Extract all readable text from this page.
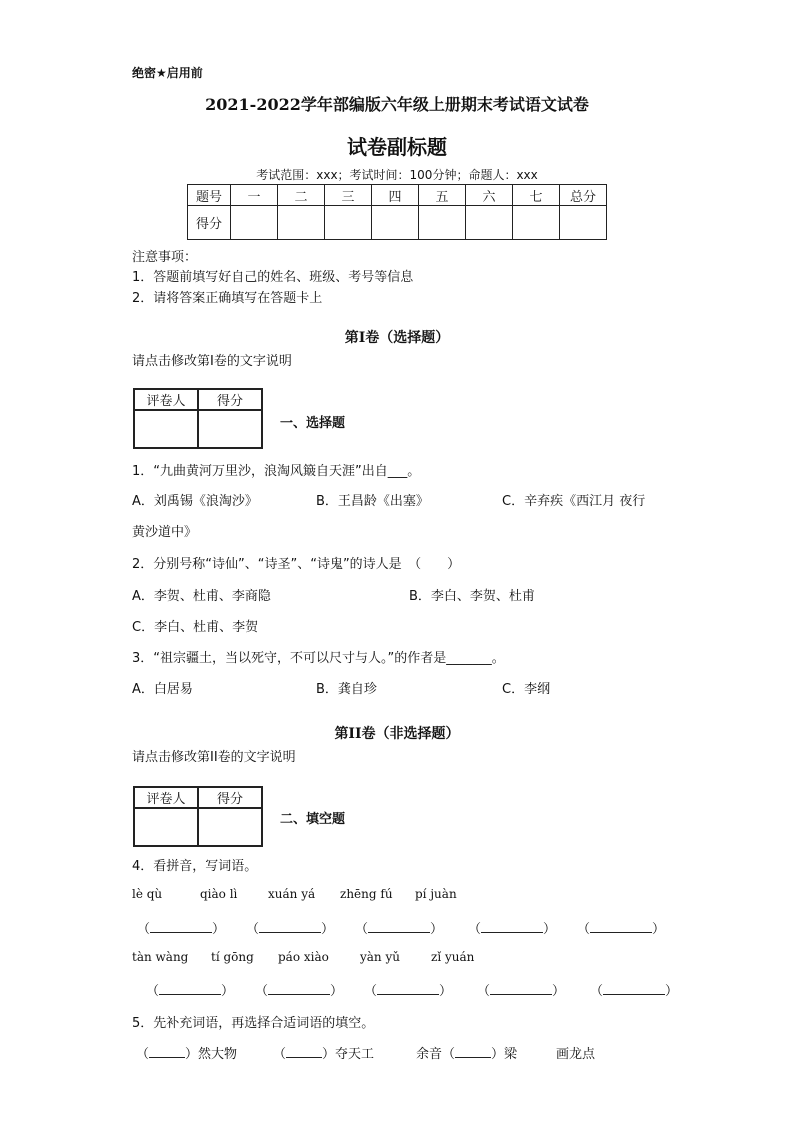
绝密★启用前
2021-2022学年部编版六年级上册期末考试语文试卷
试卷副标题
考试范围：xxx；考试时间：100分钟；命题人：xxx
题号	一	二	三	四	五	六	七	总分
得分								
注意事项：
1．答题前填写好自己的姓名、班级、考号等信息
2．请将答案正确填写在答题卡上
第I卷（选择题）
请点击修改第I卷的文字说明
评卷人	得分

一、选择题
1．“九曲黄河万里沙，浪淘风簸自天涯”出自___。
A．刘禹锡《浪淘沙》	B．王昌龄《出塞》	C．辛弃疾《西江月 夜行
黄沙道中》
2．分别号称“诗仙”、“诗圣”、“诗鬼”的诗人是　（　　）
A．李贺、杜甫、李商隐	B．李白、李贺、杜甫
C．李白、杜甫、李贺
3．“祖宗疆土，当以死守，不可以尺寸与人。”的作者是_______。
A．白居易	B．龚自珍	C．李纲
第II卷（非选择题）
请点击修改第II卷的文字说明
评卷人	得分

二、填空题
4．看拼音，写词语。
lè qù	qiào lì	xuán yá zhēng fú pí juàn
（	） （	） （	） （	） （	）
tàn wàng tí gōng páo xiào	yàn yǔ	zǐ yuán
（	） （	） （	） （	） （	）
5．先补充词语，再选择合适词语的填空。
（	）然大物	（	）夺天工	余音（	）梁	画龙点
